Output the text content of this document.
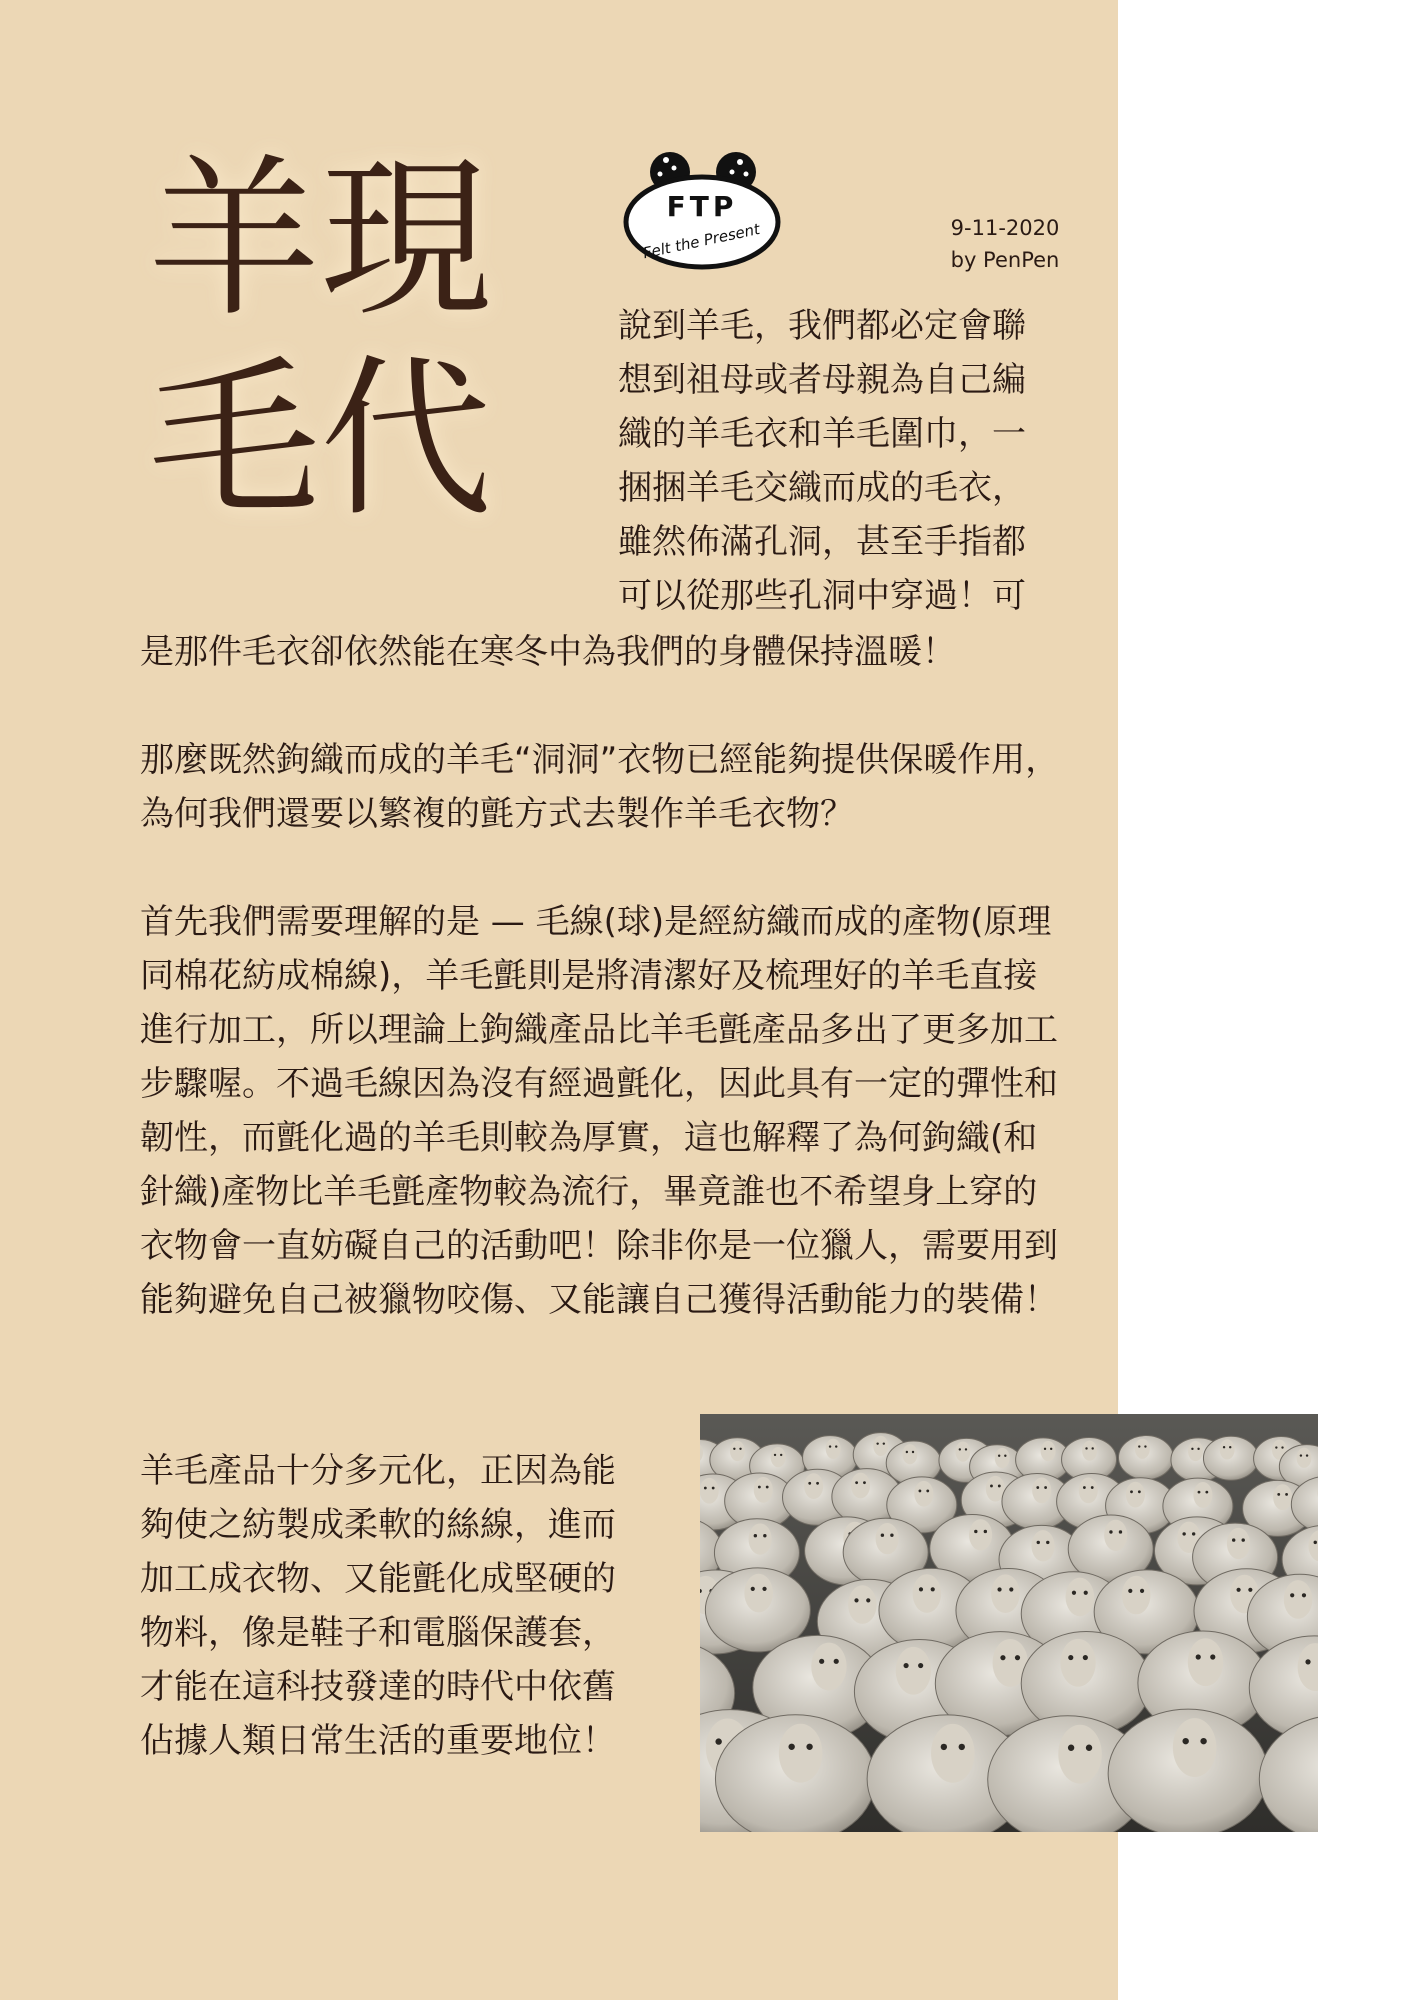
羊現
毛代
FTP
Felt the Present	9-11-2020
by PenPen
說到羊毛，我們都必定會聯
想到祖母或者母親為自己編
織的羊毛衣和羊毛圍巾，一
捆捆羊毛交織而成的毛衣，
雖然佈滿孔洞，甚至手指都
可以從那些孔洞中穿過！可

是那件毛衣卻依然能在寒冬中為我們的身體保持溫暖！

那麼既然鉤織而成的羊毛“洞洞”衣物已經能夠提供保暖作用，為何我們還要以繁複的氈方式去製作羊毛衣物？

首先我們需要理解的是 — 毛線(球)是經紡織而成的產物(原理同棉花紡成棉線)，羊毛氈則是將清潔好及梳理好的羊毛直接進行加工，所以理論上鉤織產品比羊毛氈產品多出了更多加工步驟喔。不過毛線因為沒有經過氈化，因此具有一定的彈性和韌性，而氈化過的羊毛則較為厚實，這也解釋了為何鉤織(和針織)產物比羊毛氈產物較為流行，畢竟誰也不希望身上穿的衣物會一直妨礙自己的活動吧！除非你是一位獵人，需要用到能夠避免自己被獵物咬傷、又能讓自己獲得活動能力的裝備！

羊毛產品十分多元化，正因為能夠使之紡製成柔軟的絲線，進而加工成衣物、又能氈化成堅硬的物料，像是鞋子和電腦保護套，才能在這科技發達的時代中依舊佔據人類日常生活的重要地位！
